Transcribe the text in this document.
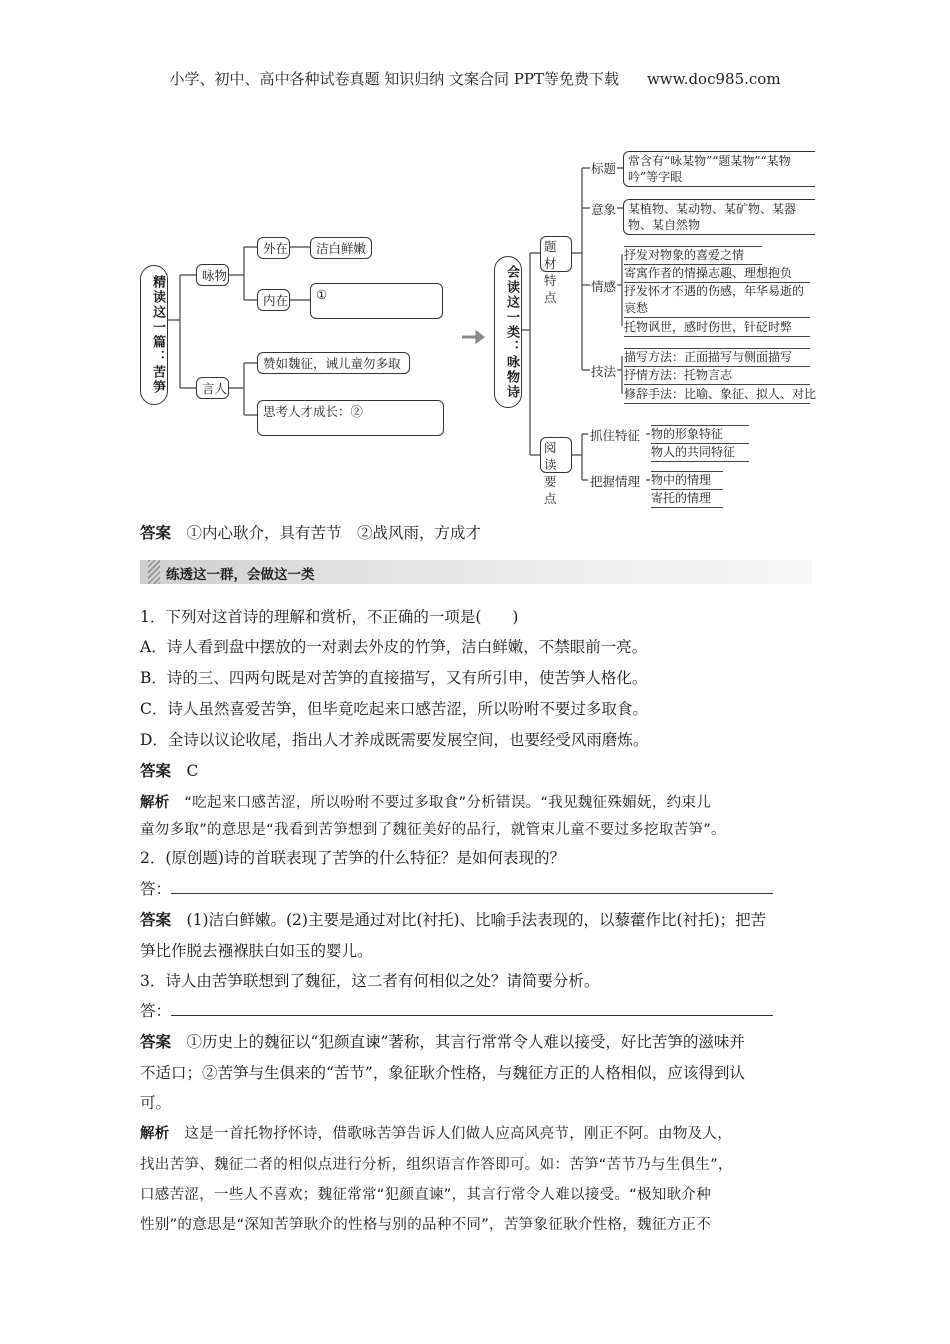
小学、初中、高中各种试卷真题 知识归纳 文案合同 PPT等免费下载 www.doc985.com
精读这一篇：苦笋	咏物
外在	洁白鲜嫩
内在	①
言人
赞如魏征，诫儿童勿多取
思考人才成长：②
会读这一类：咏物诗
题材特点
标题 常含有“咏某物”“题某物”“某物吟”等字眼
意象 某植物、某动物、某矿物、某器物、某自然物
情感
抒发对物象的喜爱之情
寄寓作者的情操志趣、理想抱负
抒发怀才不遇的伤感，年华易逝的哀愁
托物讽世，感时伤世，针砭时弊
技法
描写方法：正面描写与侧面描写
抒情方法：托物言志
修辞手法：比喻、象征、拟人、对比
阅读要点
抓住特征 物的形象特征
物人的共同特征
把握情理 物中的情理
寄托的情理
答案　 ①内心耿介，具有苦节　②战风雨，方成才
练透这一群，会做这一类
1．下列对这首诗的理解和赏析，不正确的一项是(　　)
A．诗人看到盘中摆放的一对剥去外皮的竹笋，洁白鲜嫩，不禁眼前一亮。
B．诗的三、四两句既是对苦笋的直接描写，又有所引申，使苦笋人格化。
C．诗人虽然喜爱苦笋，但毕竟吃起来口感苦涩，所以吩咐不要过多取食。
D．全诗以议论收尾，指出人才养成既需要发展空间，也要经受风雨磨炼。
答案　 C
解析　 “吃起来口感苦涩，所以吩咐不要过多取食”分析错误。“我见魏征殊媚妩，约束儿
童勿多取”的意思是“我看到苦笋想到了魏征美好的品行，就管束儿童不要过多挖取苦笋”。
2．(原创题)诗的首联表现了苦笋的什么特征？是如何表现的？
答：
答案　 (1)洁白鲜嫩。(2)主要是通过对比(衬托)、比喻手法表现的，以藜藿作比(衬托)；把苦
笋比作脱去襁褓肤白如玉的婴儿。
3．诗人由苦笋联想到了魏征，这二者有何相似之处？请简要分析。
答：
答案　 ①历史上的魏征以“犯颜直谏”著称，其言行常常令人难以接受，好比苦笋的滋味并
不适口；②苦笋与生俱来的“苦节”，象征耿介性格，与魏征方正的人格相似，应该得到认
可。
解析　 这是一首托物抒怀诗，借歌咏苦笋告诉人们做人应高风亮节，刚正不阿。由物及人，
找出苦笋、魏征二者的相似点进行分析，组织语言作答即可。如：苦笋“苦节乃与生俱生”，
口感苦涩，一些人不喜欢；魏征常常“犯颜直谏”，其言行常令人难以接受。“极知耿介种
性别”的意思是“深知苦笋耿介的性格与别的品种不同”，苦笋象征耿介性格，魏征方正不
